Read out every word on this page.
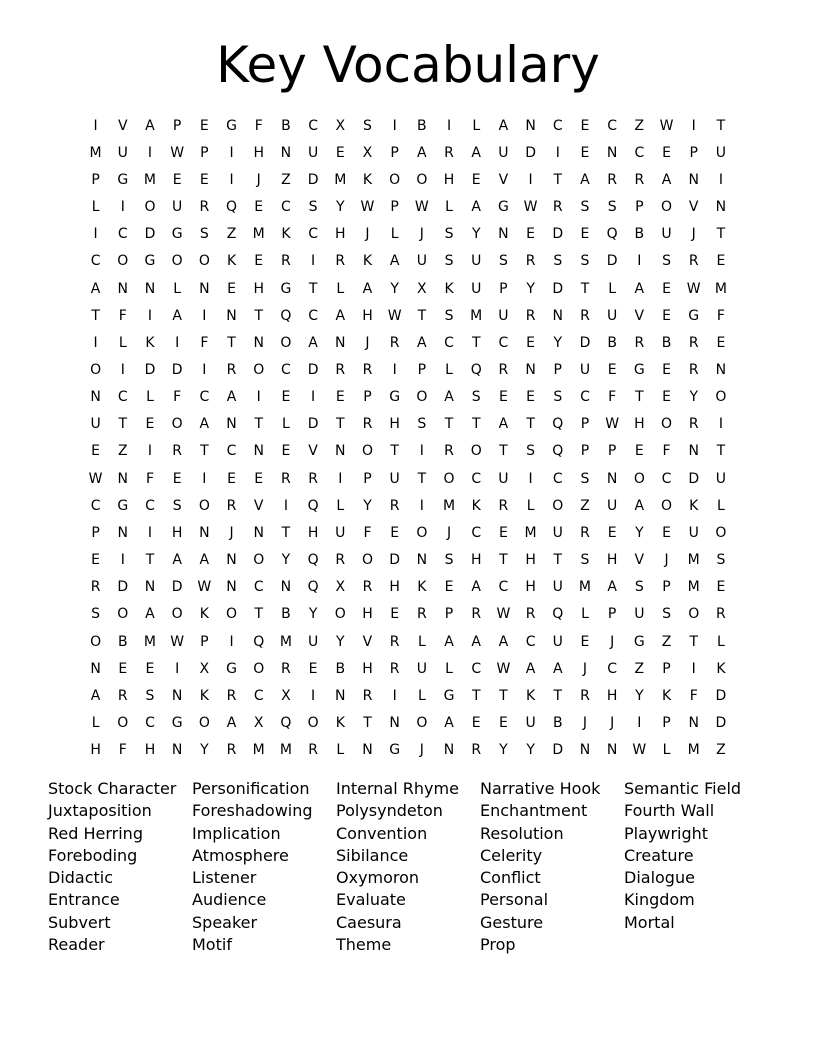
Key Vocabulary
I	V	A	P	E	G	F	B	C	X	S	I	B	I	L	A	N	C	E	C	Z	W	I	T
M	U	I	W	P	I	H	N	U	E	X	P	A	R	A	U	D	I	E	N	C	E	P	U
P	G	M	E	E	I	J	Z	D	M	K	O	O	H	E	V	I	T	A	R	R	A	N	I
L	I	O	U	R	Q	E	C	S	Y	W	P	W	L	A	G	W	R	S	S	P	O	V	N
I	C	D	G	S	Z	M	K	C	H	J	L	J	S	Y	N	E	D	E	Q	B	U	J	T
C	O	G	O	O	K	E	R	I	R	K	A	U	S	U	S	R	S	S	D	I	S	R	E
A	N	N	L	N	E	H	G	T	L	A	Y	X	K	U	P	Y	D	T	L	A	E	W	M
T	F	I	A	I	N	T	Q	C	A	H	W	T	S	M	U	R	N	R	U	V	E	G	F
I	L	K	I	F	T	N	O	A	N	J	R	A	C	T	C	E	Y	D	B	R	B	R	E
O	I	D	D	I	R	O	C	D	R	R	I	P	L	Q	R	N	P	U	E	G	E	R	N
N	C	L	F	C	A	I	E	I	E	P	G	O	A	S	E	E	S	C	F	T	E	Y	O
U	T	E	O	A	N	T	L	D	T	R	H	S	T	T	A	T	Q	P	W	H	O	R	I
E	Z	I	R	T	C	N	E	V	N	O	T	I	R	O	T	S	Q	P	P	E	F	N	T
W	N	F	E	I	E	E	R	R	I	P	U	T	O	C	U	I	C	S	N	O	C	D	U
C	G	C	S	O	R	V	I	Q	L	Y	R	I	M	K	R	L	O	Z	U	A	O	K	L
P	N	I	H	N	J	N	T	H	U	F	E	O	J	C	E	M	U	R	E	Y	E	U	O
E	I	T	A	A	N	O	Y	Q	R	O	D	N	S	H	T	H	T	S	H	V	J	M	S
R	D	N	D	W	N	C	N	Q	X	R	H	K	E	A	C	H	U	M	A	S	P	M	E
S	O	A	O	K	O	T	B	Y	O	H	E	R	P	R	W	R	Q	L	P	U	S	O	R
O	B	M	W	P	I	Q	M	U	Y	V	R	L	A	A	A	C	U	E	J	G	Z	T	L
N	E	E	I	X	G	O	R	E	B	H	R	U	L	C	W	A	A	J	C	Z	P	I	K
A	R	S	N	K	R	C	X	I	N	R	I	L	G	T	T	K	T	R	H	Y	K	F	D
L	O	C	G	O	A	X	Q	O	K	T	N	O	A	E	E	U	B	J	J	I	P	N	D
H	F	H	N	Y	R	M	M	R	L	N	G	J	N	R	Y	Y	D	N	N	W	L	M	Z
Stock Character
Juxtaposition
Red Herring
Foreboding
Didactic
Entrance
Subvert
Reader
Personification
Foreshadowing
Implication
Atmosphere
Listener
Audience
Speaker
Motif
Internal Rhyme
Polysyndeton
Convention
Sibilance
Oxymoron
Evaluate
Caesura
Theme
Narrative Hook
Enchantment
Resolution
Celerity
Conflict
Personal
Gesture
Prop
Semantic Field
Fourth Wall
Playwright
Creature
Dialogue
Kingdom
Mortal
